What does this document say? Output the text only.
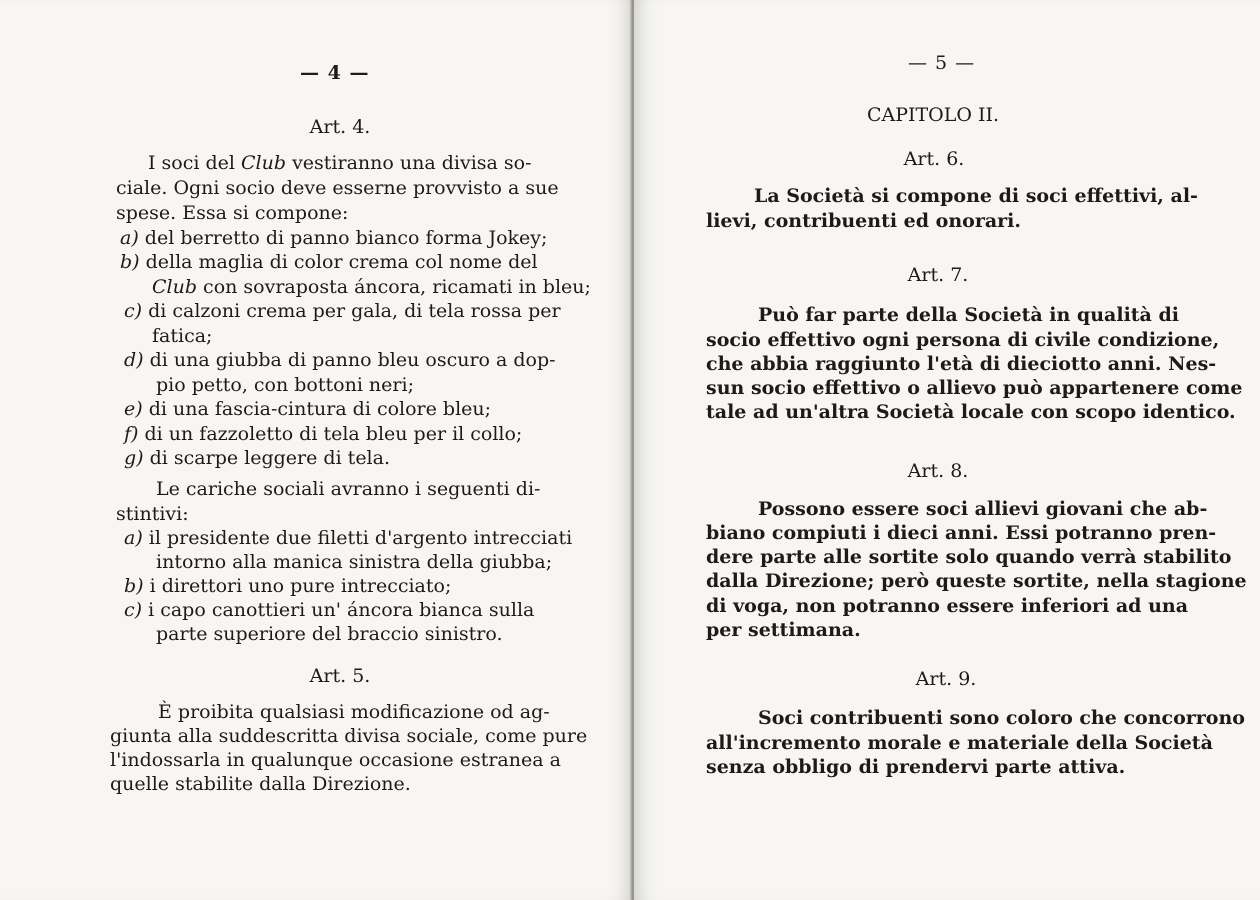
— 4 —
Art. 4.
I soci del Club vestiranno una divisa so-
ciale. Ogni socio deve esserne provvisto a sue
spese. Essa si compone:
a) del berretto di panno bianco forma Jokey;
b) della maglia di color crema col nome del
Club con sovraposta áncora, ricamati in bleu;
c) di calzoni crema per gala, di tela rossa per
fatica;
d) di una giubba di panno bleu oscuro a dop-
pio petto, con bottoni neri;
e) di una fascia-cintura di colore bleu;
f) di un fazzoletto di tela bleu per il collo;
g) di scarpe leggere di tela.
Le cariche sociali avranno i seguenti di-
stintivi:
a) il presidente due filetti d'argento intrecciati
intorno alla manica sinistra della giubba;
b) i direttori uno pure intrecciato;
c) i capo canottieri un' áncora bianca sulla
parte superiore del braccio sinistro.
Art. 5.
È proibita qualsiasi modificazione od ag-
giunta alla suddescritta divisa sociale, come pure
l'indossarla in qualunque occasione estranea a
quelle stabilite dalla Direzione.
— 5 —
CAPITOLO II.
Art. 6.
La Società si compone di soci effettivi, al-
lievi, contribuenti ed onorari.
Art. 7.
Può far parte della Società in qualità di
socio effettivo ogni persona di civile condizione,
che abbia raggiunto l'età di dieciotto anni. Nes-
sun socio effettivo o allievo può appartenere come
tale ad un'altra Società locale con scopo identico.
Art. 8.
Possono essere soci allievi giovani che ab-
biano compiuti i dieci anni. Essi potranno pren-
dere parte alle sortite solo quando verrà stabilito
dalla Direzione; però queste sortite, nella stagione
di voga, non potranno essere inferiori ad una
per settimana.
Art. 9.
Soci contribuenti sono coloro che concorrono
all'incremento morale e materiale della Società
senza obbligo di prendervi parte attiva.
